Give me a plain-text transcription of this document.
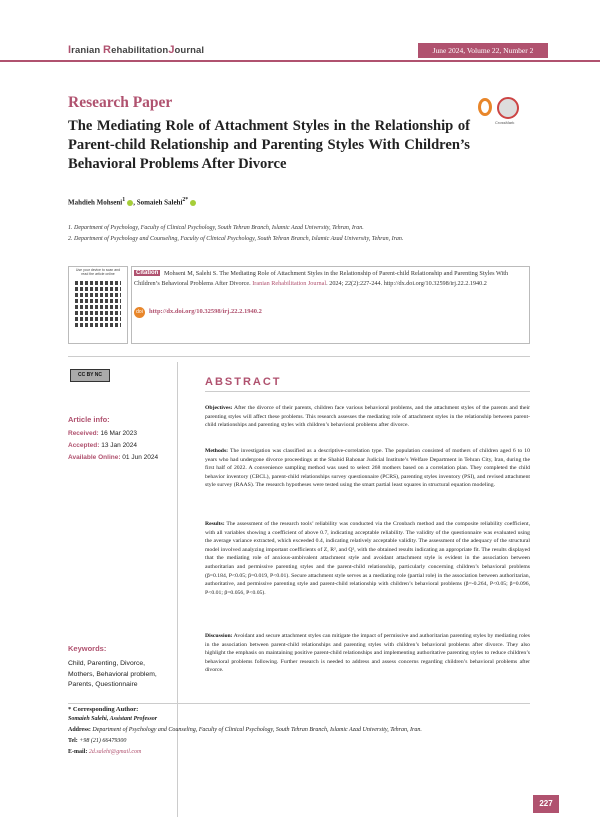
Iranian RehabilitationJournal	June 2024, Volume 22, Number 2
Research Paper
The Mediating Role of Attachment Styles in the Relationship of Parent-child Relationship and Parenting Styles With Children’s Behavioral Problems After Divorce
CrossMark
Mahdieh Mohseni$^1$ , Somaieh Salehi$^{2*}$
1. Department of Psychology, Faculty of Clinical Psychology, South Tehran Branch, Islamic Azad University, Tehran, Iran.
2. Department of Psychology and Counseling, Faculty of Clinical Psychology, South Tehran Branch, Islamic Azad University, Tehran, Iran.
Use your device to scan and read the article online	Mohseni M, Salehi S. The Mediating Role of Attachment Styles in the Relationship of Parent-child Relationship and Parenting Styles With Children’s Behavioral Problems After Divorce. Iranian Rehabilitation Journal. 2024; 22(2):227-244. http://dx.doi.org/10.32598/irj.22.2.1940.2
Citation
doi http://dx.doi.org/10.32598/irj.22.2.1940.2
CC BY NC
ABSTRACT
Article info:
Received: 16 Mar 2023
Accepted: 13 Jan 2024
Available Online: 01 Jun 2024
Objectives: After the divorce of their parents, children face various behavioral problems, and the attachment styles of the parents and their parenting styles will affect these problems. This research assesses the mediating role of attachment styles in the relationship between parent-child relationships and parenting styles with children’s behavioral problems after divorce.
Methods: The investigation was classified as a descriptive-correlation type. The population consisted of mothers of children aged 6 to 10 years who had undergone divorce proceedings at the Shahid Bahonar Judicial Institute’s Welfare Department in Tehran City, Iran, during the first half of 2022. A convenience sampling method was used to select 268 mothers based on a correlation plan. They completed the child behavior inventory (CBCL), parent-child relationships survey questionnaire (PCRS), parenting styles inventory (PSI), and revised attachment style survey (RAAS). The research hypotheses were tested using the smart partial least squares in structural equation modeling.
Results: The assessment of the research tools’ reliability was conducted via the Cronbach method and the composite reliability coefficient, with all variables showing a coefficient of above 0.7, indicating acceptable reliability. The validity of the questionnaire was evaluated using the average variance extracted, which exceeded 0.4, indicating relatively acceptable validity. The assessment of the adequacy of the structural model involved analyzing important coefficients of Z, R², and Q², with the obtained results indicating an appropriate fit. The results displayed that the mediating role of anxious-ambivalent attachment style and avoidant attachment style is evident in the association between authoritarian and permissive parenting styles and the parent-child relationship, particularly concerning children’s behavioral problems (β=0.184, P<0.05; β=0.019, P<0.01). Secure attachment style serves as a mediating role (partial role) in the association between authoritarian, authoritative, and permissive parenting style and parent-child relationship with children’s behavioral problems (β=-0.264, P<0.05; β=0.096, P<0.01; β=0.056, P<0.05).
Discussion: Avoidant and secure attachment styles can mitigate the impact of permissive and authoritarian parenting styles by mediating roles in the association between parent-child relationships and parenting styles with children’s behavioral problems after divorce. They also highlight the emphasis on maintaining positive parent-child relationships and implementing authoritative parenting styles to reduce children’s behavioral problems following. Further research is needed to address and assess concerns regarding children’s behavioral problems after divorce.
Keywords:
Child, Parenting, Divorce, Mothers, Behavioral problem, Parents, Questionnaire
* Corresponding Author:
Somaieh Salehi, Assistant Professor
Address: Department of Psychology and Counseling, Faculty of Clinical Psychology, South Tehran Branch, Islamic Azad University, Tehran, Iran.
Tel: +98 (21) 66479300
E-mail: 2d.salehi@gmail.com
227
